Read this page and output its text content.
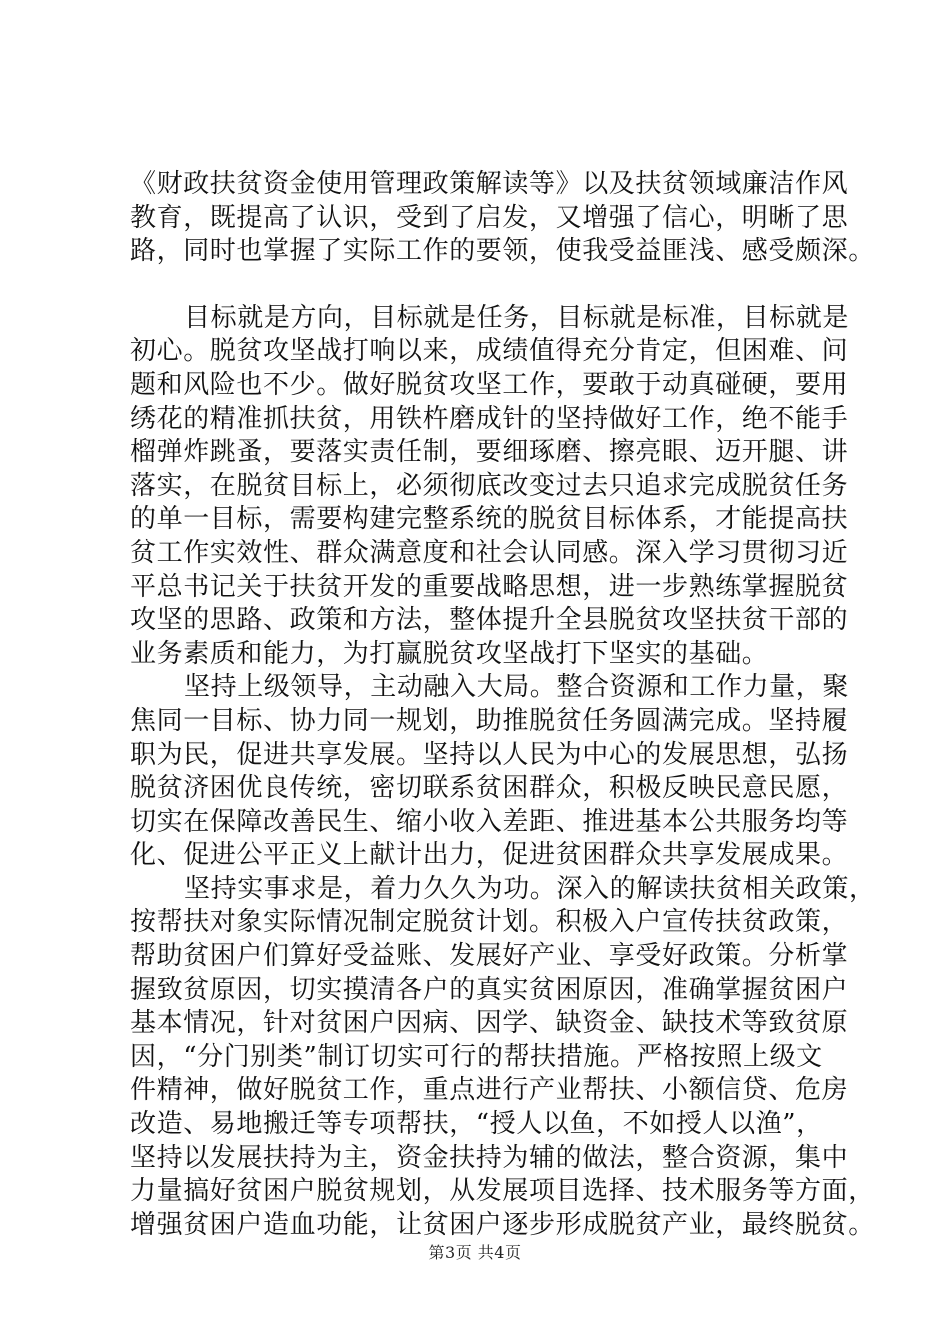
《财政扶贫资金使用管理政策解读等》以及扶贫领域廉洁作风
教育，既提高了认识，受到了启发，又增强了信心，明晰了思
路，同时也掌握了实际工作的要领，使我受益匪浅、感受颇深。
目标就是方向，目标就是任务，目标就是标准，目标就是
初心。脱贫攻坚战打响以来，成绩值得充分肯定，但困难、问
题和风险也不少。做好脱贫攻坚工作，要敢于动真碰硬，要用
绣花的精准抓扶贫，用铁杵磨成针的坚持做好工作，绝不能手
榴弹炸跳蚤，要落实责任制，要细琢磨、擦亮眼、迈开腿、讲
落实，在脱贫目标上，必须彻底改变过去只追求完成脱贫任务
的单一目标，需要构建完整系统的脱贫目标体系，才能提高扶
贫工作实效性、群众满意度和社会认同感。深入学习贯彻习近
平总书记关于扶贫开发的重要战略思想，进一步熟练掌握脱贫
攻坚的思路、政策和方法，整体提升全县脱贫攻坚扶贫干部的
业务素质和能力，为打赢脱贫攻坚战打下坚实的基础。
坚持上级领导，主动融入大局。整合资源和工作力量，聚
焦同一目标、协力同一规划，助推脱贫任务圆满完成。坚持履
职为民，促进共享发展。坚持以人民为中心的发展思想，弘扬
脱贫济困优良传统，密切联系贫困群众，积极反映民意民愿，
切实在保障改善民生、缩小收入差距、推进基本公共服务均等
化、促进公平正义上献计出力，促进贫困群众共享发展成果。
坚持实事求是，着力久久为功。深入的解读扶贫相关政策，
按帮扶对象实际情况制定脱贫计划。积极入户宣传扶贫政策，
帮助贫困户们算好受益账、发展好产业、享受好政策。分析掌
握致贫原因，切实摸清各户的真实贫困原因，准确掌握贫困户
基本情况，针对贫困户因病、因学、缺资金、缺技术等致贫原
因，“分门别类”制订切实可行的帮扶措施。严格按照上级文
件精神，做好脱贫工作，重点进行产业帮扶、小额信贷、危房
改造、易地搬迁等专项帮扶，“授人以鱼，不如授人以渔”，
坚持以发展扶持为主，资金扶持为辅的做法，整合资源，集中
力量搞好贫困户脱贫规划，从发展项目选择、技术服务等方面，
增强贫困户造血功能，让贫困户逐步形成脱贫产业，最终脱贫。
第3页 共4页
